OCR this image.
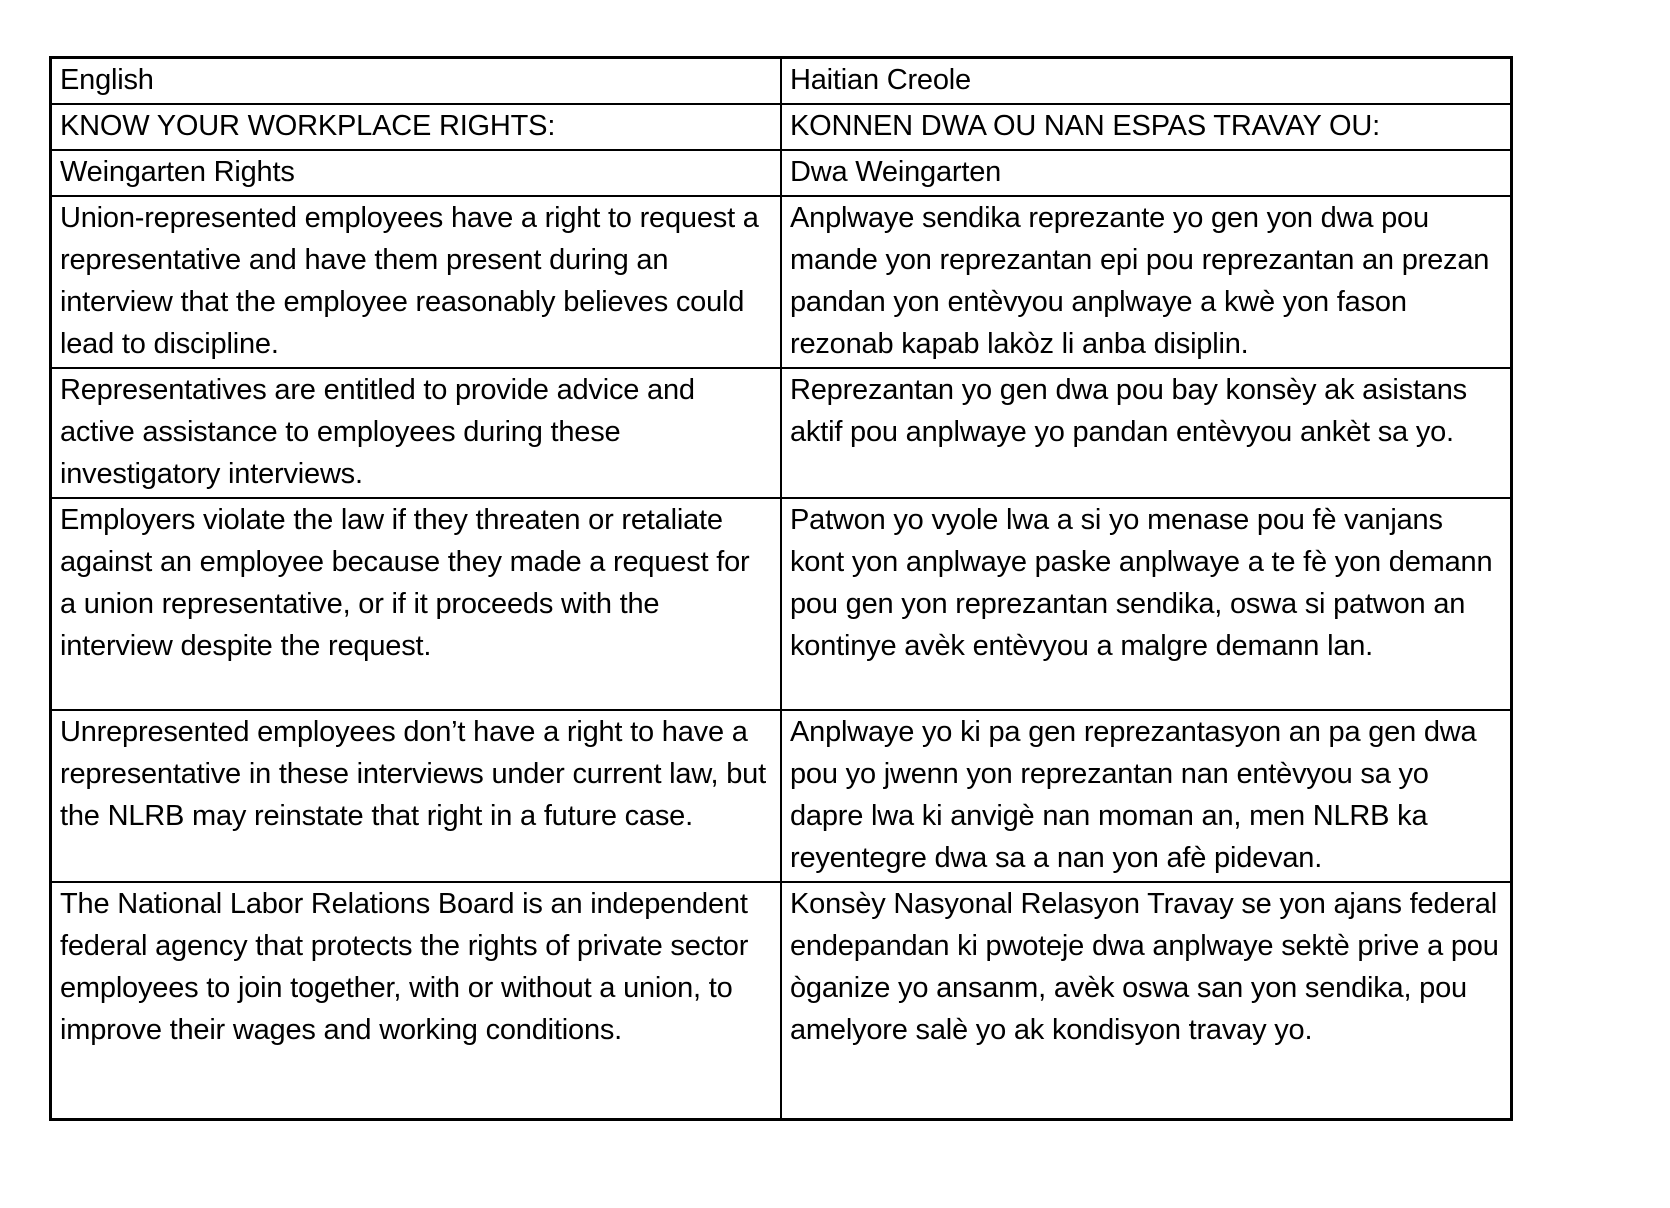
English	Haitian Creole
KNOW YOUR WORKPLACE RIGHTS:	KONNEN DWA OU NAN ESPAS TRAVAY OU:
Weingarten Rights	Dwa Weingarten
Union-represented employees have a right to request a representative and have them present during an interview that the employee reasonably believes could lead to discipline.	Anplwaye sendika reprezante yo gen yon dwa pou mande yon reprezantan epi pou reprezantan an prezan pandan yon entèvyou anplwaye a kwè yon fason rezonab kapab lakòz li anba disiplin.
Representatives are entitled to provide advice and active assistance to employees during these investigatory interviews.	Reprezantan yo gen dwa pou bay konsèy ak asistans aktif pou anplwaye yo pandan entèvyou ankèt sa yo.
Employers violate the law if they threaten or retaliate against an employee because they made a request for a union representative, or if it proceeds with the interview despite the request.	Patwon yo vyole lwa a si yo menase pou fè vanjans kont yon anplwaye paske anplwaye a te fè yon demann pou gen yon reprezantan sendika, oswa si patwon an kontinye avèk entèvyou a malgre demann lan.
Unrepresented employees don’t have a right to have a representative in these interviews under current law, but the NLRB may reinstate that right in a future case.	Anplwaye yo ki pa gen reprezantasyon an pa gen dwa pou yo jwenn yon reprezantan nan entèvyou sa yo dapre lwa ki anvigè nan moman an, men NLRB ka reyentegre dwa sa a nan yon afè pidevan.
The National Labor Relations Board is an independent federal agency that protects the rights of private sector employees to join together, with or without a union, to improve their wages and working conditions.	Konsèy Nasyonal Relasyon Travay se yon ajans federal endepandan ki pwoteje dwa anplwaye sektè prive a pou òganize yo ansanm, avèk oswa san yon sendika, pou amelyore salè yo ak kondisyon travay yo.
